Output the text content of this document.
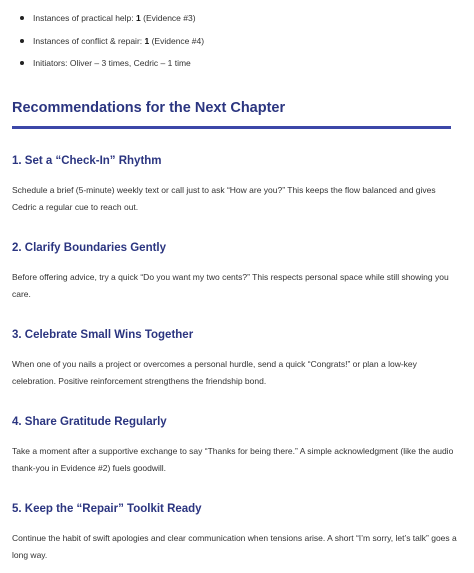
Instances of practical help: 1 (Evidence #3)
Instances of conflict & repair: 1 (Evidence #4)
Initiators: Oliver – 3 times, Cedric – 1 time
Recommendations for the Next Chapter
1. Set a “Check-In” Rhythm

Schedule a brief (5-minute) weekly text or call just to ask “How are you?” This keeps the flow balanced and gives Cedric a regular cue to reach out.

2. Clarify Boundaries Gently

Before offering advice, try a quick “Do you want my two cents?” This respects personal space while still showing you care.

3. Celebrate Small Wins Together

When one of you nails a project or overcomes a personal hurdle, send a quick “Congrats!” or plan a low-key celebration. Positive reinforcement strengthens the friendship bond.

4. Share Gratitude Regularly

Take a moment after a supportive exchange to say “Thanks for being there.” A simple acknowledgment (like the audio thank-you in Evidence #2) fuels goodwill.

5. Keep the “Repair” Toolkit Ready

Continue the habit of swift apologies and clear communication when tensions arise. A short “I’m sorry, let’s talk” goes a long way.
